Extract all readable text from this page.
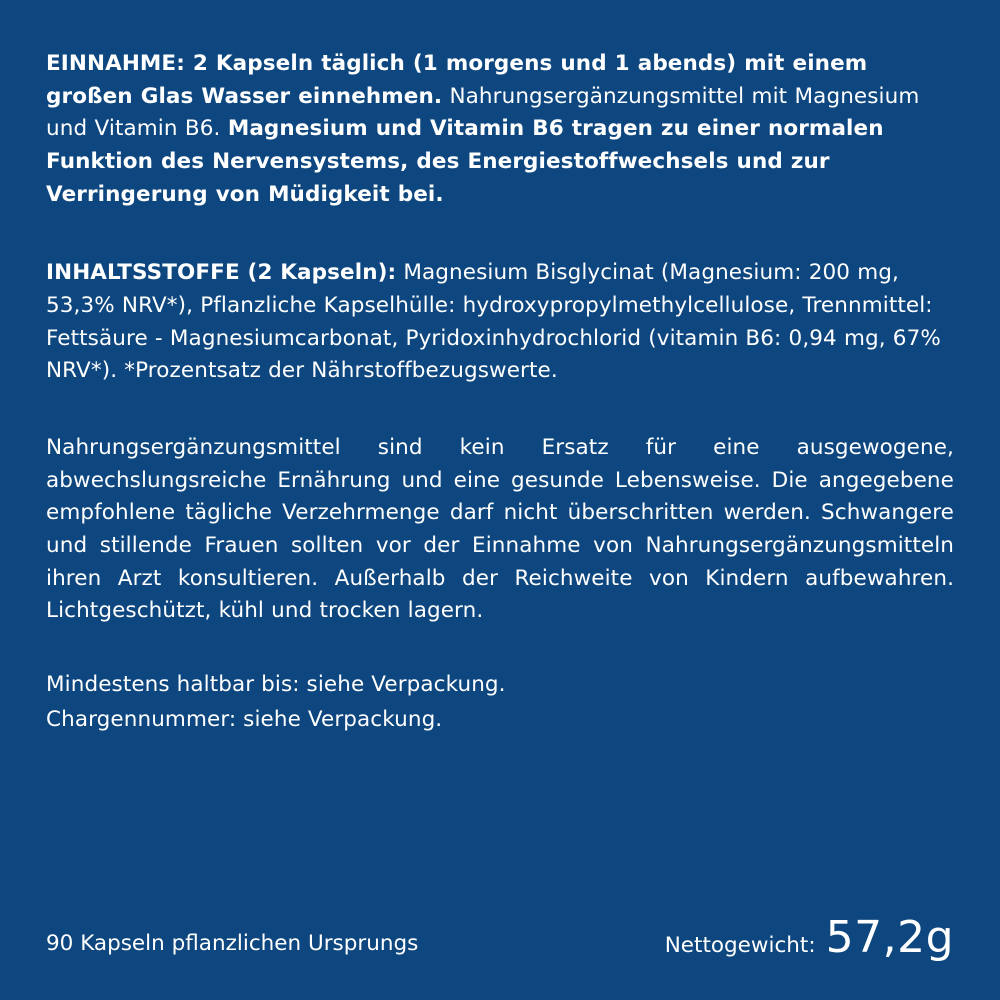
EINNAHME: 2 Kapseln täglich (1 morgens und 1 abends) mit einem großen Glas Wasser einnehmen. Nahrungsergänzungsmittel mit Magnesium und Vitamin B6. Magnesium und Vitamin B6 tragen zu einer normalen Funktion des Nervensystems, des Energiestoffwechsels und zur Verringerung von Müdigkeit bei.

INHALTSSTOFFE (2 Kapseln): Magnesium Bisglycinat (Magnesium: 200 mg, 53,3% NRV*), Pflanzliche Kapselhülle: hydroxypropylmethylcellulose, Trennmittel: Fettsäure - Magnesiumcarbonat, Pyridoxinhydrochlorid (vitamin B6: 0,94 mg, 67% NRV*). *Prozentsatz der Nährstoffbezugswerte.

Nahrungsergänzungsmittel sind kein Ersatz für eine ausgewogene, abwechslungsreiche Ernährung und eine gesunde Lebensweise. Die angegebene empfohlene tägliche Verzehrmenge darf nicht überschritten werden. Schwangere und stillende Frauen sollten vor der Einnahme von Nahrungsergänzungsmitteln ihren Arzt konsultieren. Außerhalb der Reichweite von Kindern aufbewahren. Lichtgeschützt, kühl und trocken lagern.

Mindestens haltbar bis: siehe Verpackung.
Chargennummer: siehe Verpackung.
90 Kapseln pflanzlichen Ursprungs	Nettogewicht: 57,2g
